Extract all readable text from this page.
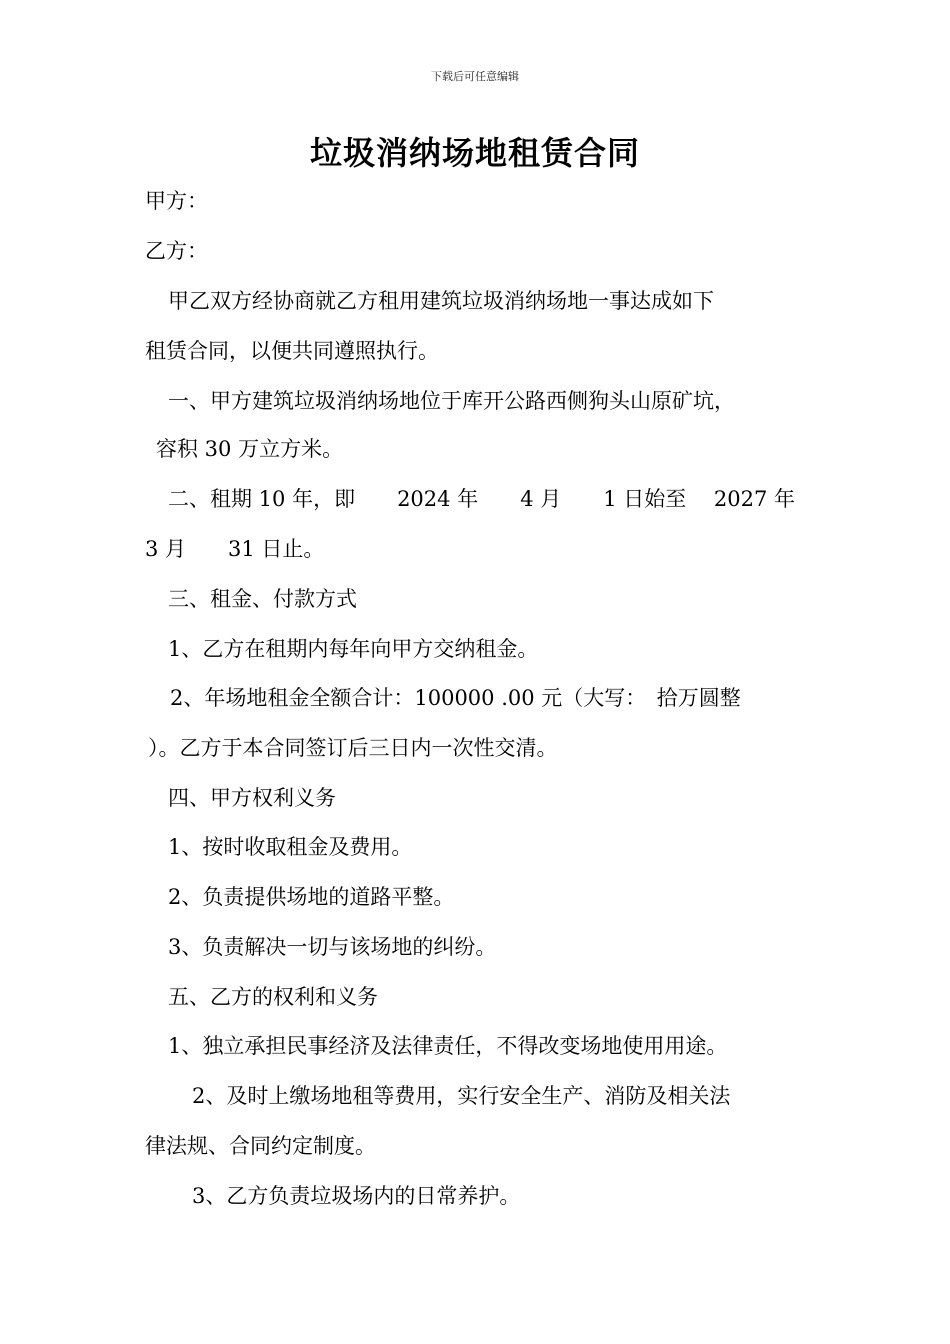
下载后可任意编辑
垃圾消纳场地租赁合同
甲方：
乙方：
甲乙双方经协商就乙方租用建筑垃圾消纳场地一事达成如下
租赁合同，以便共同遵照执行。
一、甲方建筑垃圾消纳场地位于库开公路西侧狗头山原矿坑，
容积 30 万立方米。
二、租期 10 年，即　　2024 年　　4 月　　1 日始至　 2027 年
3 月　　31 日止。
三、租金、付款方式
1、乙方在租期内每年向甲方交纳租金。
2、年场地租金全额合计：100000 .00 元（大写：　拾万圆整
）。乙方于本合同签订后三日内一次性交清。
四、甲方权利义务
1、按时收取租金及费用。
2、负责提供场地的道路平整。
3、负责解决一切与该场地的纠纷。
五、乙方的权利和义务
1、独立承担民事经济及法律责任，不得改变场地使用用途。
2、及时上缴场地租等费用，实行安全生产、消防及相关法
律法规、合同约定制度。
3、乙方负责垃圾场内的日常养护。
